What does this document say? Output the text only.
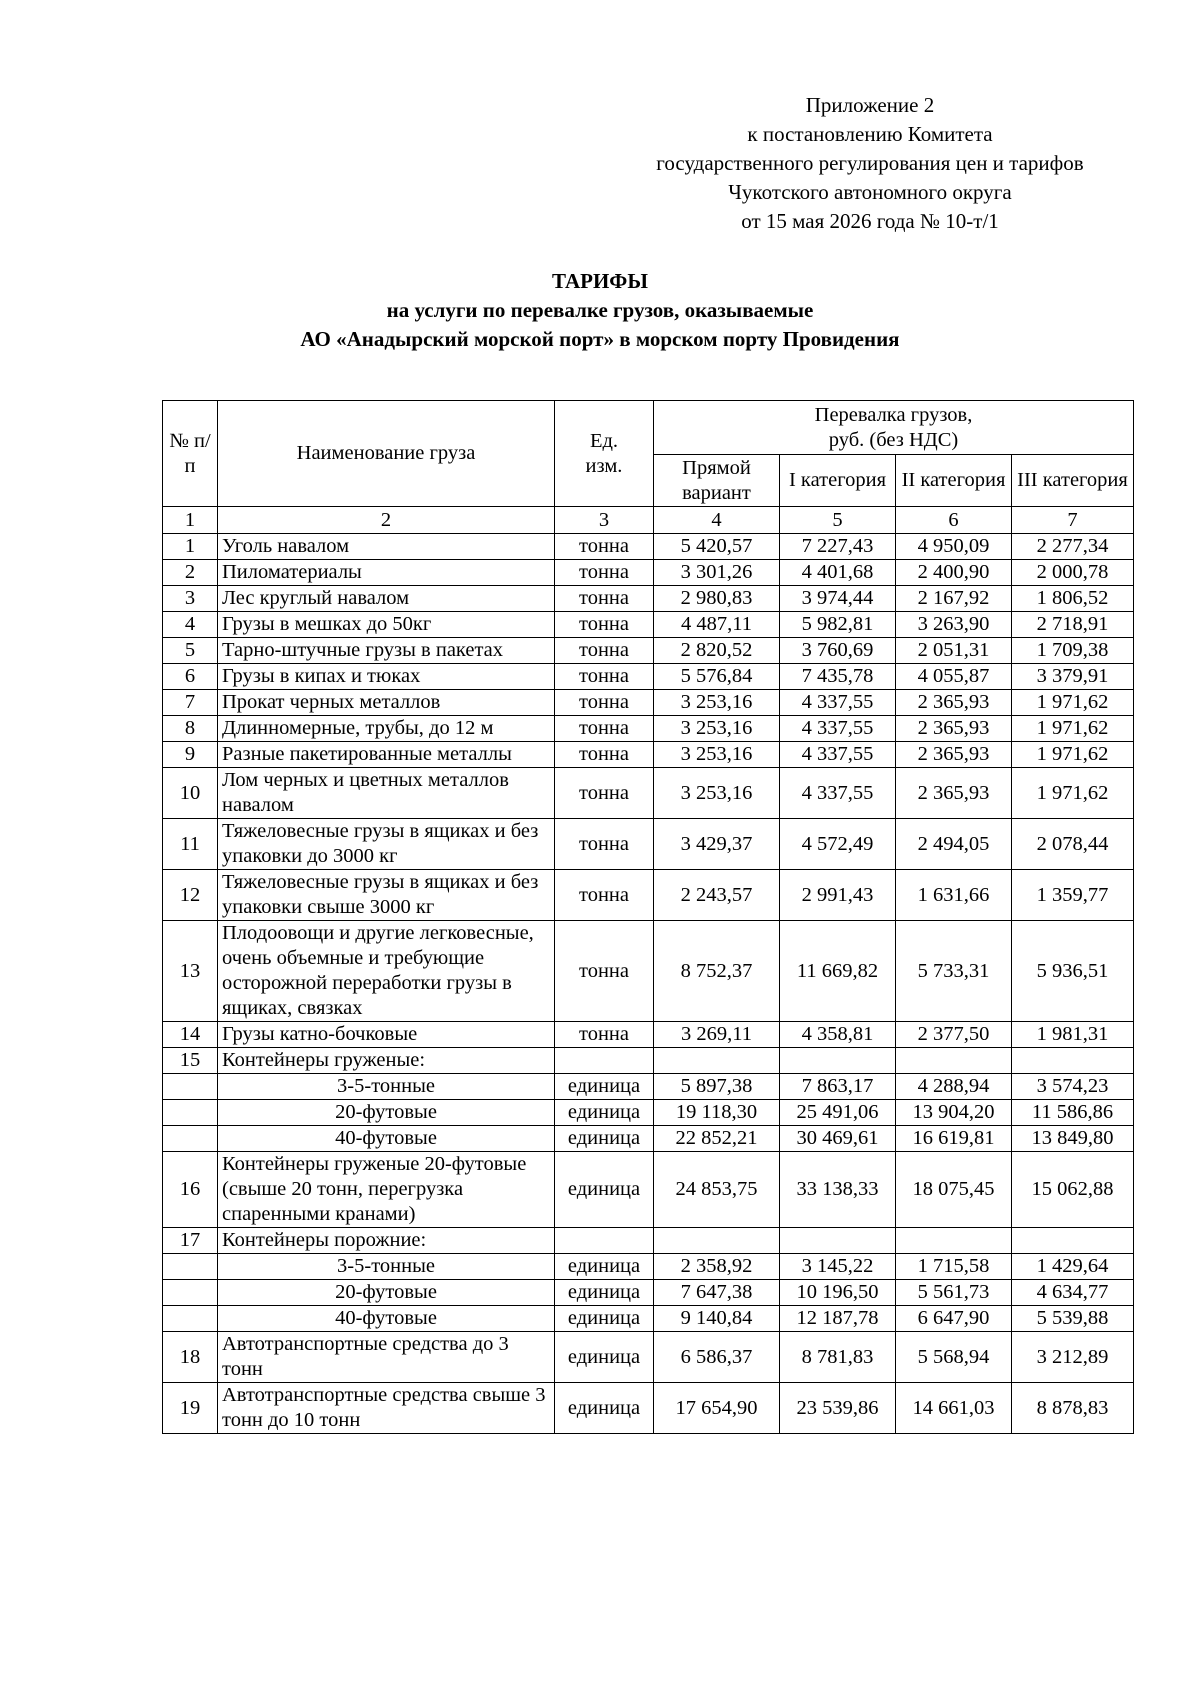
Приложение 2
к постановлению Комитета
государственного регулирования цен и тарифов
Чукотского автономного округа
от 15 мая 2026 года № 10-т/1
ТАРИФЫ
на услуги по перевалке грузов, оказываемые
АО «Анадырский морской порт» в морском порту Провидения
№ п/п	Наименование груза	Ед. изм.	Перевалка грузов, руб. (без НДС)			
			Прямой вариант	I категория	II категория	III категория
1	2	3	4	5	6	7
1	Уголь навалом	тонна	5 420,57	7 227,43	4 950,09	2 277,34
2	Пиломатериалы	тонна	3 301,26	4 401,68	2 400,90	2 000,78
3	Лес круглый навалом	тонна	2 980,83	3 974,44	2 167,92	1 806,52
4	Грузы в мешках до 50кг	тонна	4 487,11	5 982,81	3 263,90	2 718,91
5	Тарно-штучные грузы в пакетах	тонна	2 820,52	3 760,69	2 051,31	1 709,38
6	Грузы в кипах и тюках	тонна	5 576,84	7 435,78	4 055,87	3 379,91
7	Прокат черных металлов	тонна	3 253,16	4 337,55	2 365,93	1 971,62
8	Длинномерные, трубы, до 12 м	тонна	3 253,16	4 337,55	2 365,93	1 971,62
9	Разные пакетированные металлы	тонна	3 253,16	4 337,55	2 365,93	1 971,62
10	Лом черных и цветных металлов навалом	тонна	3 253,16	4 337,55	2 365,93	1 971,62
11	Тяжеловесные грузы в ящиках и без упаковки до 3000 кг	тонна	3 429,37	4 572,49	2 494,05	2 078,44
12	Тяжеловесные грузы в ящиках и без упаковки свыше 3000 кг	тонна	2 243,57	2 991,43	1 631,66	1 359,77
13	Плодоовощи и другие легковесные, очень объемные и требующие осторожной переработки грузы в ящиках, связках	тонна	8 752,37	11 669,82	5 733,31	5 936,51
14	Грузы катно-бочковые	тонна	3 269,11	4 358,81	2 377,50	1 981,31
15	Контейнеры груженые:					
	3-5-тонные	единица	5 897,38	7 863,17	4 288,94	3 574,23
	20-футовые	единица	19 118,30	25 491,06	13 904,20	11 586,86
	40-футовые	единица	22 852,21	30 469,61	16 619,81	13 849,80
16	Контейнеры груженые 20-футовые (свыше 20 тонн, перегрузка спаренными кранами)	единица	24 853,75	33 138,33	18 075,45	15 062,88
17	Контейнеры порожние:					
	3-5-тонные	единица	2 358,92	3 145,22	1 715,58	1 429,64
	20-футовые	единица	7 647,38	10 196,50	5 561,73	4 634,77
	40-футовые	единица	9 140,84	12 187,78	6 647,90	5 539,88
18	Автотранспортные средства до 3 тонн	единица	6 586,37	8 781,83	5 568,94	3 212,89
19	Автотранспортные средства свыше 3 тонн до 10 тонн	единица	17 654,90	23 539,86	14 661,03	8 878,83
